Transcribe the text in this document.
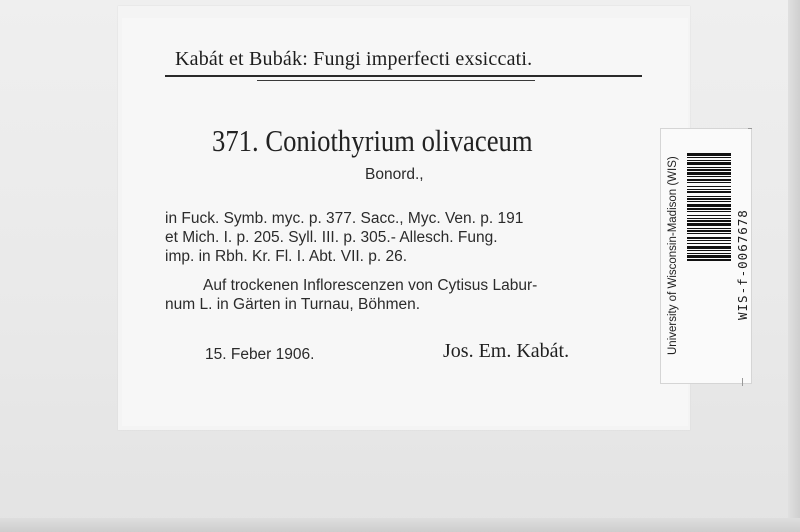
Kabát et Bubák: Fungi imperfecti exsiccati.
371. Coniothyrium olivaceum
Bonord.,
in Fuck. Symb. myc. p. 377. Sacc., Myc. Ven. p. 191
et Mich. I. p. 205. Syll. III. p. 305.- Allesch. Fung.
imp. in Rbh. Kr. Fl. I. Abt. VII. p. 26.
Auf trockenen Inflorescenzen von Cytisus Labur-
num L. in Gärten in Turnau, Böhmen.
15. Feber 1906.	Jos. Em. Kabát.	University of Wisconsin-Madison (WIS)	WIS-f-0067678
